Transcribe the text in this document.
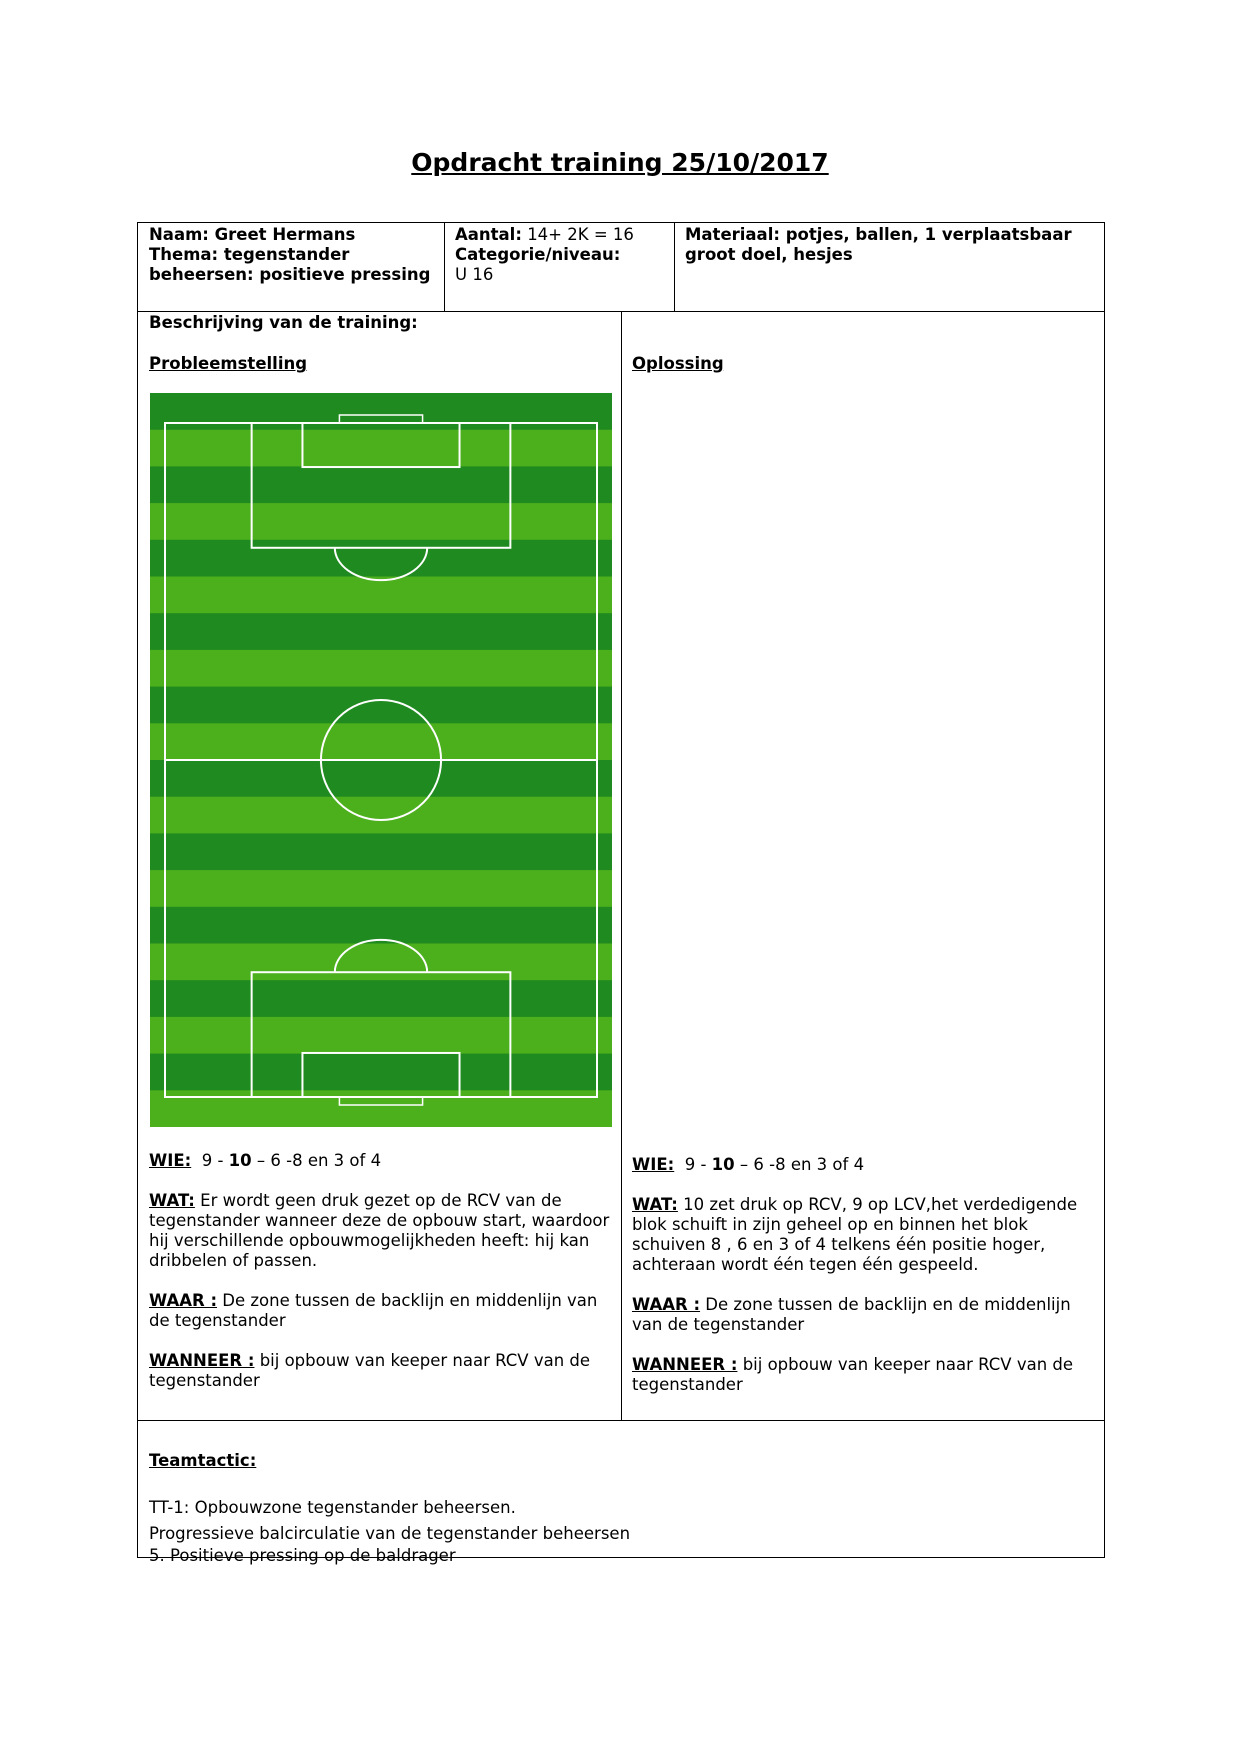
Opdracht training 25/10/2017

Naam: Greet Hermans

Thema: tegenstander beheersen: positieve pressing

Aantal: 14+ 2K = 16

Categorie/niveau:

U 16

Materiaal: potjes, ballen, 1 verplaatsbaar groot doel, hesjes
Beschrijving van de training:
Probleemstelling	Oplossing

WIE: 9 - 10 – 6 -8 en 3 of 4

WAT: Er wordt geen druk gezet op de RCV van de tegenstander wanneer deze de opbouw start, waardoor hij verschillende opbouwmogelijkheden heeft: hij kan dribbelen of passen.

WAAR : De zone tussen de backlijn en middenlijn van de tegenstander

WANNEER : bij opbouw van keeper naar RCV van de tegenstander

WIE: 9 - 10 – 6 -8 en 3 of 4

WAT: 10 zet druk op RCV, 9 op LCV,het verdedigende blok schuift in zijn geheel op en binnen het blok schuiven 8 , 6 en 3 of 4 telkens één positie hoger, achteraan wordt één tegen één gespeeld.

WAAR : De zone tussen de backlijn en de middenlijn van de tegenstander

WANNEER : bij opbouw van keeper naar RCV van de tegenstander

Teamtactic:

TT-1: Opbouwzone tegenstander beheersen.

Progressieve balcirculatie van de tegenstander beheersen

5. Positieve pressing op de baldrager
